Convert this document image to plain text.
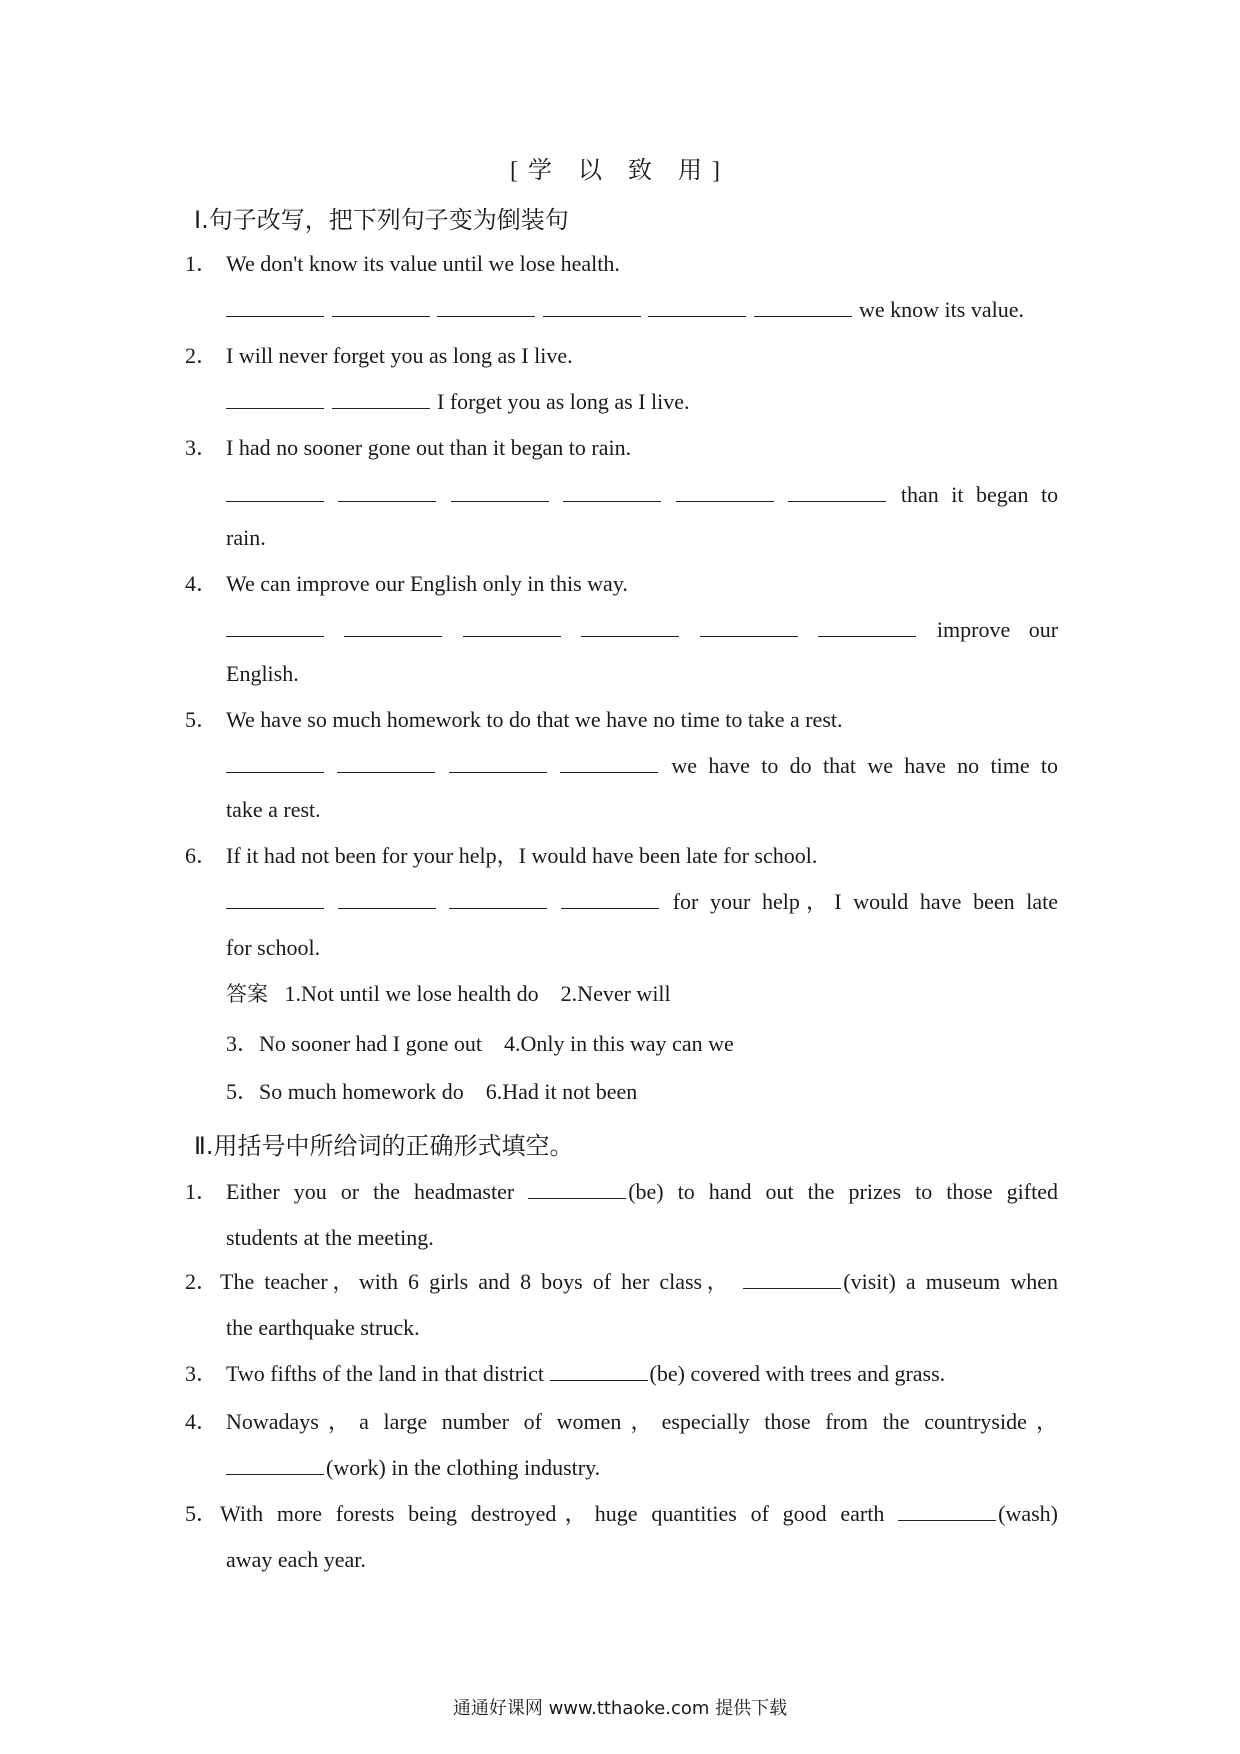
[学 以 致 用]
Ⅰ.句子改写，把下列句子变为倒装句
1． We don't know its value until we lose health.
we know its value.
2． I will never forget you as long as I live.
I forget you as long as I live.
3． I had no sooner gone out than it began to rain.
than it began to
rain.
4． We can improve our English only in this way.
improve our
English.
5． We have so much homework to do that we have no time to take a rest.
we have to do that we have no time to
take a rest.
6． If it had not been for your help，I would have been late for school.
for your help，I would have been late
for school.
答案 1.Not until we lose health do　2.Never will
3．No sooner had I gone out　4.Only in this way can we
5．So much homework do　6.Had it not been
Ⅱ.用括号中所给词的正确形式填空。
1． Either you or the headmaster	(be) to hand out the prizes to those gifted
students at the meeting.
2． The teacher，with 6 girls and 8 boys of her class，	(visit) a museum when
the earthquake struck.
3． Two fifths of the land in that district	(be) covered with trees and grass.
4． Nowadays，a large number of women，especially those from the countryside，
(work) in the clothing industry.
5． With more forests being destroyed，huge quantities of good earth	(wash)
away each year.
通通好课网 www.tthaoke.com 提供下载
